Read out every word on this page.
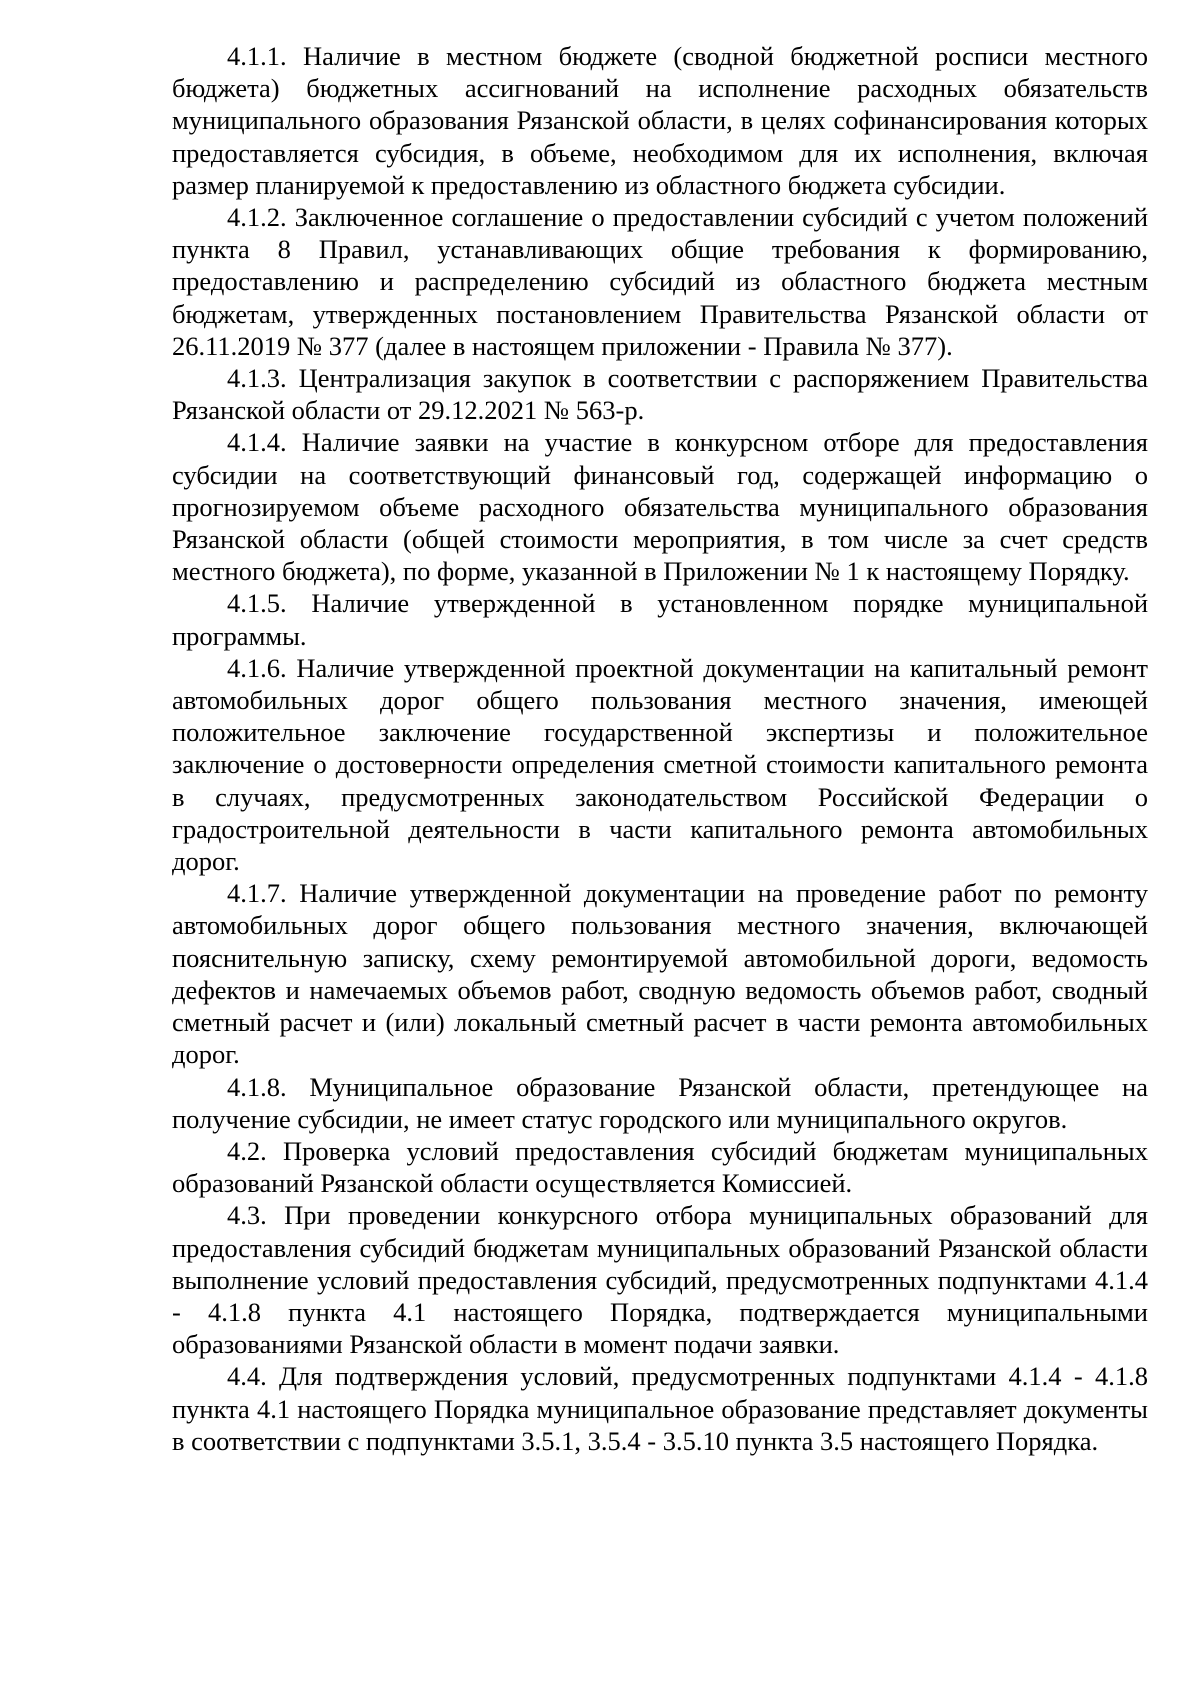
4.1.1. Наличие в местном бюджете (сводной бюджетной росписи местного бюджета) бюджетных ассигнований на исполнение расходных обязательств муниципального образования Рязанской области, в целях софинансирования которых предоставляется субсидия, в объеме, необходимом для их исполнения, включая размер планируемой к предоставлению из областного бюджета субсидии.

4.1.2. Заключенное соглашение о предоставлении субсидий с учетом положений пункта 8 Правил, устанавливающих общие требования к формированию, предоставлению и распределению субсидий из областного бюджета местным бюджетам, утвержденных постановлением Правительства Рязанской области от 26.11.2019 № 377 (далее в настоящем приложении - Правила № 377).

4.1.3. Централизация закупок в соответствии с распоряжением Правительства Рязанской области от 29.12.2021 № 563-р.

4.1.4. Наличие заявки на участие в конкурсном отборе для предоставления субсидии на соответствующий финансовый год, содержащей информацию о прогнозируемом объеме расходного обязательства муниципального образования Рязанской области (общей стоимости мероприятия, в том числе за счет средств местного бюджета), по форме, указанной в Приложении № 1 к настоящему Порядку.

4.1.5. Наличие утвержденной в установленном порядке муниципальной программы.

4.1.6. Наличие утвержденной проектной документации на капитальный ремонт автомобильных дорог общего пользования местного значения, имеющей положительное заключение государственной экспертизы и положительное заключение о достоверности определения сметной стоимости капитального ремонта в случаях, предусмотренных законодательством Российской Федерации о градостроительной деятельности в части капитального ремонта автомобильных дорог.

4.1.7. Наличие утвержденной документации на проведение работ по ремонту автомобильных дорог общего пользования местного значения, включающей пояснительную записку, схему ремонтируемой автомобильной дороги, ведомость дефектов и намечаемых объемов работ, сводную ведомость объемов работ, сводный сметный расчет и (или) локальный сметный расчет в части ремонта автомобильных дорог.

4.1.8. Муниципальное образование Рязанской области, претендующее на получение субсидии, не имеет статус городского или муниципального округов.

4.2. Проверка условий предоставления субсидий бюджетам муниципальных образований Рязанской области осуществляется Комиссией.

4.3. При проведении конкурсного отбора муниципальных образований для предоставления субсидий бюджетам муниципальных образований Рязанской области выполнение условий предоставления субсидий, предусмотренных подпунктами 4.1.4 - 4.1.8 пункта 4.1 настоящего Порядка, подтверждается муниципальными образованиями Рязанской области в момент подачи заявки.

4.4. Для подтверждения условий, предусмотренных подпунктами 4.1.4 - 4.1.8 пункта 4.1 настоящего Порядка муниципальное образование представляет документы в соответствии с подпунктами 3.5.1, 3.5.4 - 3.5.10 пункта 3.5 настоящего Порядка.
